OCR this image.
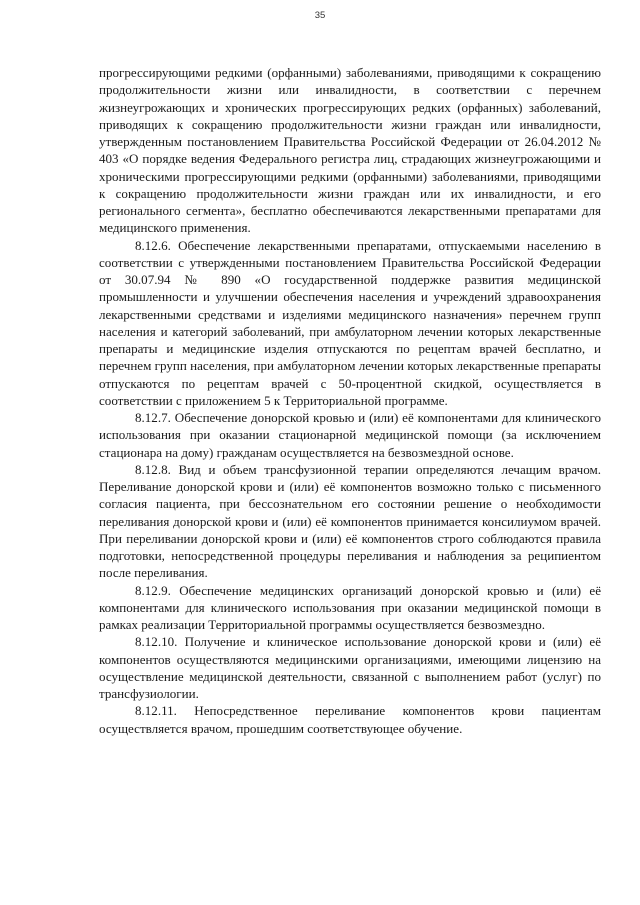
35

прогрессирующими редкими (орфанными) заболеваниями, приводящими к сокращению продолжительности жизни или инвалидности, в соответствии с перечнем жизнеугрожающих и хронических прогрессирующих редких (орфанных) заболеваний, приводящих к сокращению продолжительности жизни граждан или инвалидности, утвержденным постановлением Правительства Российской Федерации от 26.04.2012 № 403 «О порядке ведения Федерального регистра лиц, страдающих жизнеугрожающими и хроническими прогрессирующими редкими (орфанными) заболеваниями, приводящими к сокращению продолжительности жизни граждан или их инвалидности, и его регионального сегмента», бесплатно обеспечиваются лекарственными препаратами для медицинского применения.

8.12.6. Обеспечение лекарственными препаратами, отпускаемыми населению в соответствии с утвержденными постановлением Правительства Российской Федерации от 30.07.94 № 890 «О государственной поддержке развития медицинской промышленности и улучшении обеспечения населения и учреждений здравоохранения лекарственными средствами и изделиями медицинского назначения» перечнем групп населения и категорий заболеваний, при амбулаторном лечении которых лекарственные препараты и медицинские изделия отпускаются по рецептам врачей бесплатно, и перечнем групп населения, при амбулаторном лечении которых лекарственные препараты отпускаются по рецептам врачей с 50-процентной скидкой, осуществляется в соответствии с приложением 5 к Территориальной программе.

8.12.7. Обеспечение донорской кровью и (или) её компонентами для клинического использования при оказании стационарной медицинской помощи (за исключением стационара на дому) гражданам осуществляется на безвозмездной основе.

8.12.8. Вид и объем трансфузионной терапии определяются лечащим врачом. Переливание донорской крови и (или) её компонентов возможно только с письменного согласия пациента, при бессознательном его состоянии решение о необходимости переливания донорской крови и (или) её компонентов принимается консилиумом врачей. При переливании донорской крови и (или) её компонентов строго соблюдаются правила подготовки, непосредственной процедуры переливания и наблюдения за реципиентом после переливания.

8.12.9. Обеспечение медицинских организаций донорской кровью и (или) её компонентами для клинического использования при оказании медицинской помощи в рамках реализации Территориальной программы осуществляется безвозмездно.

8.12.10. Получение и клиническое использование донорской крови и (или) её компонентов осуществляются медицинскими организациями, имеющими лицензию на осуществление медицинской деятельности, связанной с выполнением работ (услуг) по трансфузиологии.

8.12.11. Непосредственное переливание компонентов крови пациентам осуществляется врачом, прошедшим соответствующее обучение.
